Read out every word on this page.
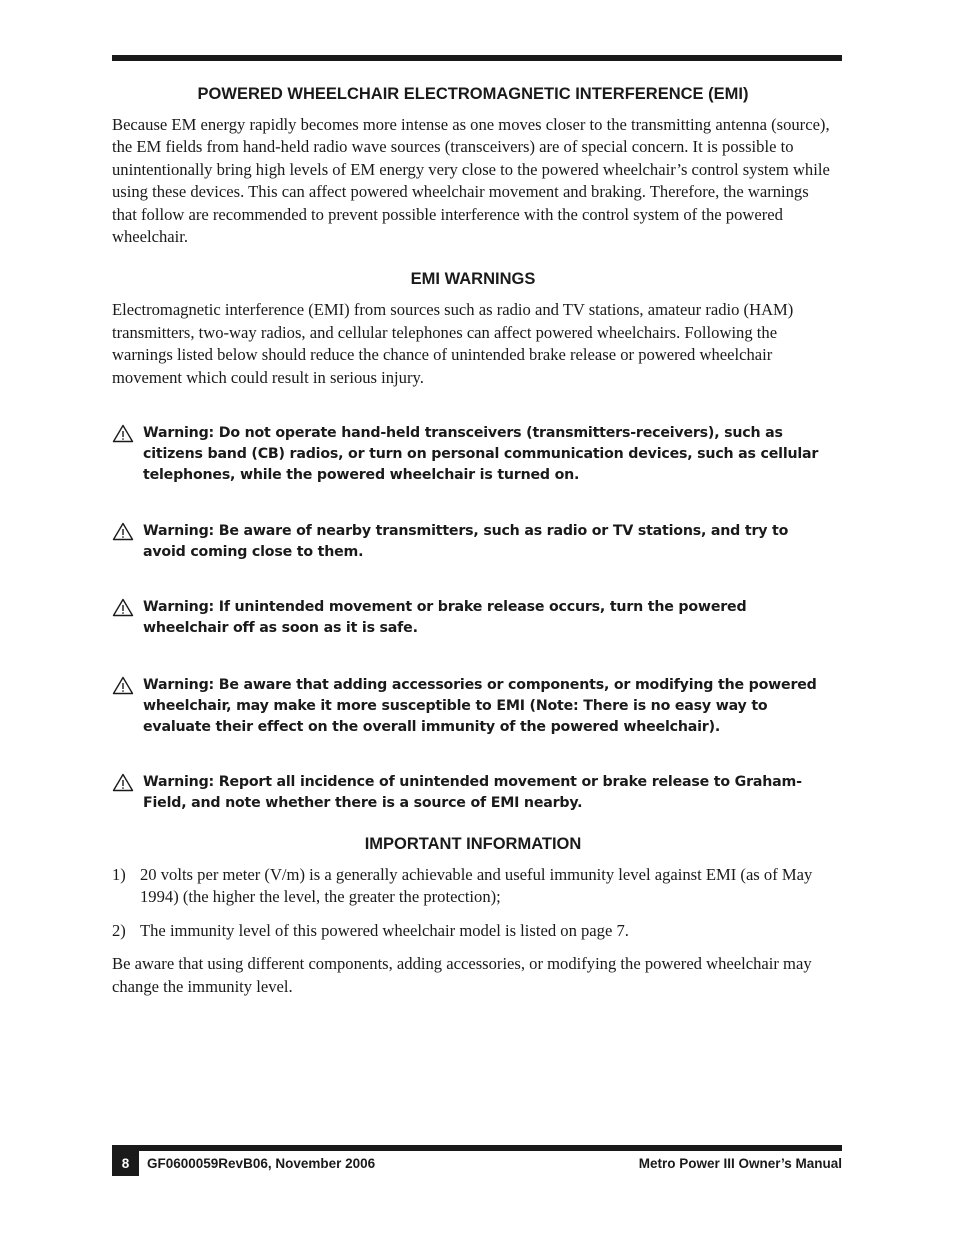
POWERED WHEELCHAIR ELECTROMAGNETIC INTERFERENCE (EMI)

Because EM energy rapidly becomes more intense as one moves closer to the transmitting antenna (source), the EM fields from hand-held radio wave sources (transceivers) are of special concern. It is possible to unintentionally bring high levels of EM energy very close to the powered wheelchair’s control system while using these devices. This can affect powered wheelchair movement and braking. Therefore, the warnings that follow are recommended to prevent possible interference with the control system of the powered wheelchair.

EMI WARNINGS

Electromagnetic interference (EMI) from sources such as radio and TV stations, amateur radio (HAM) transmitters, two-way radios, and cellular telephones can affect powered wheelchairs. Following the warnings listed below should reduce the chance of unintended brake release or powered wheelchair movement which could result in serious injury.

Warning: Do not operate hand-held transceivers (transmitters-receivers), such as citizens band (CB) radios, or turn on personal communication devices, such as cellular telephones, while the powered wheelchair is turned on.
Warning: Be aware of nearby transmitters, such as radio or TV stations, and try to avoid coming close to them.
Warning: If unintended movement or brake release occurs, turn the powered wheelchair off as soon as it is safe.
Warning: Be aware that adding accessories or components, or modifying the powered wheelchair, may make it more susceptible to EMI (Note: There is no easy way to evaluate their effect on the overall immunity of the powered wheelchair).
Warning: Report all incidence of unintended movement or brake release to Graham-Field, and note whether there is a source of EMI nearby.
IMPORTANT INFORMATION
1) 20 volts per meter (V/m) is a generally achievable and useful immunity level against EMI (as of May 1994) (the higher the level, the greater the protection);
2) The immunity level of this powered wheelchair model is listed on page 7.

Be aware that using different components, adding accessories, or modifying the powered wheelchair may change the immunity level.

8	GF0600059RevB06, November 2006	Metro Power III Owner’s Manual
